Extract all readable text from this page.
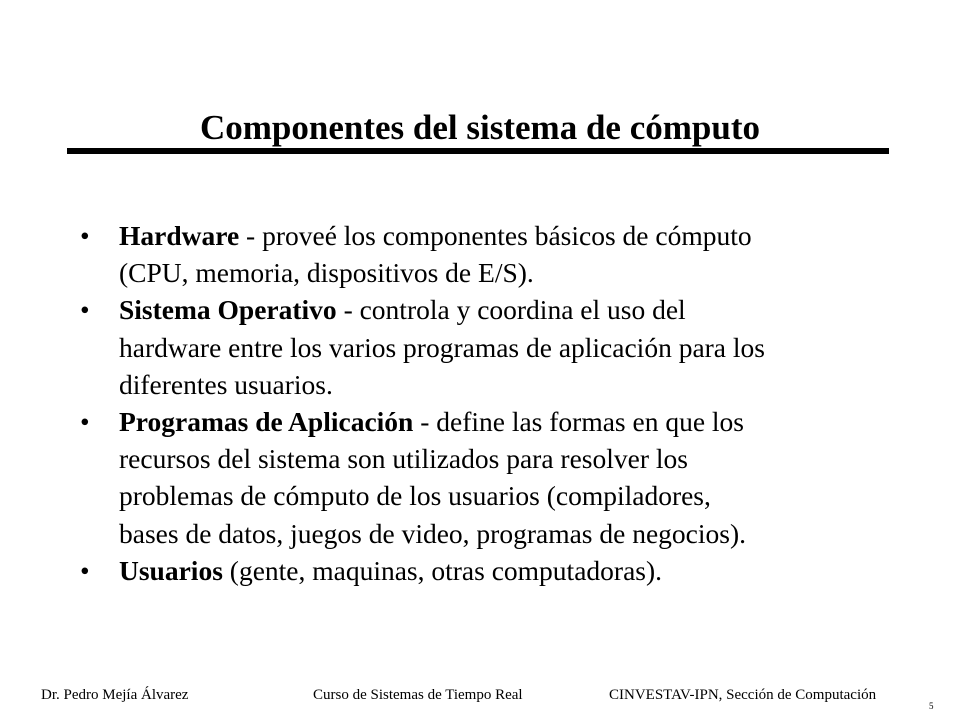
Componentes del sistema de cómputo
•	Hardware - proveé los componentes básicos de cómputo
(CPU, memoria, dispositivos de E/S).
•	Sistema Operativo - controla y coordina el uso del
hardware entre los varios programas de aplicación para los
diferentes usuarios.
•	Programas de Aplicación - define las formas en que los
recursos del sistema son utilizados para resolver los
problemas de cómputo de los usuarios (compiladores,
bases de datos, juegos de video, programas de negocios).
•	Usuarios (gente, maquinas, otras computadoras).
Dr. Pedro Mejía Álvarez	Curso de Sistemas de Tiempo Real	CINVESTAV-IPN, Sección de Computación
5
